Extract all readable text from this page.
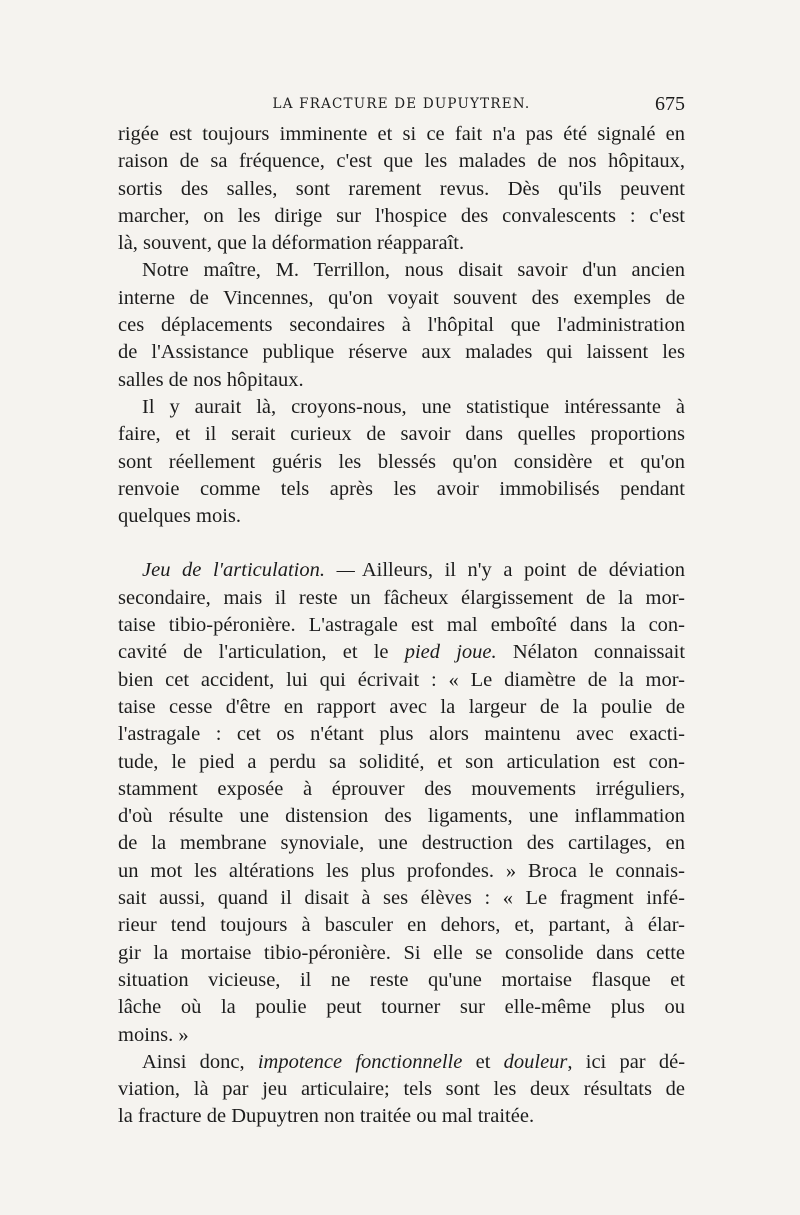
LA FRACTURE DE DUPUYTREN.	675
rigée est toujours imminente et si ce fait n'a pas été signalé en
raison de sa fréquence, c'est que les malades de nos hôpitaux,
sortis des salles, sont rarement revus. Dès qu'ils peuvent
marcher, on les dirige sur l'hospice des convalescents : c'est
là, souvent, que la déformation réapparaît.
Notre maître, M. Terrillon, nous disait savoir d'un ancien
interne de Vincennes, qu'on voyait souvent des exemples de
ces déplacements secondaires à l'hôpital que l'administration
de l'Assistance publique réserve aux malades qui laissent les
salles de nos hôpitaux.
Il y aurait là, croyons-nous, une statistique intéressante à
faire, et il serait curieux de savoir dans quelles proportions
sont réellement guéris les blessés qu'on considère et qu'on
renvoie comme tels après les avoir immobilisés pendant
quelques mois.
Jeu de l'articulation. — Ailleurs, il n'y a point de déviation
secondaire, mais il reste un fâcheux élargissement de la mor-
taise tibio-péronière. L'astragale est mal emboîté dans la con-
cavité de l'articulation, et le pied joue. Nélaton connaissait
bien cet accident, lui qui écrivait : « Le diamètre de la mor-
taise cesse d'être en rapport avec la largeur de la poulie de
l'astragale : cet os n'étant plus alors maintenu avec exacti-
tude, le pied a perdu sa solidité, et son articulation est con-
stamment exposée à éprouver des mouvements irréguliers,
d'où résulte une distension des ligaments, une inflammation
de la membrane synoviale, une destruction des cartilages, en
un mot les altérations les plus profondes. » Broca le connais-
sait aussi, quand il disait à ses élèves : « Le fragment infé-
rieur tend toujours à basculer en dehors, et, partant, à élar-
gir la mortaise tibio-péronière. Si elle se consolide dans cette
situation vicieuse, il ne reste qu'une mortaise flasque et
lâche où la poulie peut tourner sur elle-même plus ou
moins. »
Ainsi donc, impotence fonctionnelle et douleur, ici par dé-
viation, là par jeu articulaire; tels sont les deux résultats de
la fracture de Dupuytren non traitée ou mal traitée.
